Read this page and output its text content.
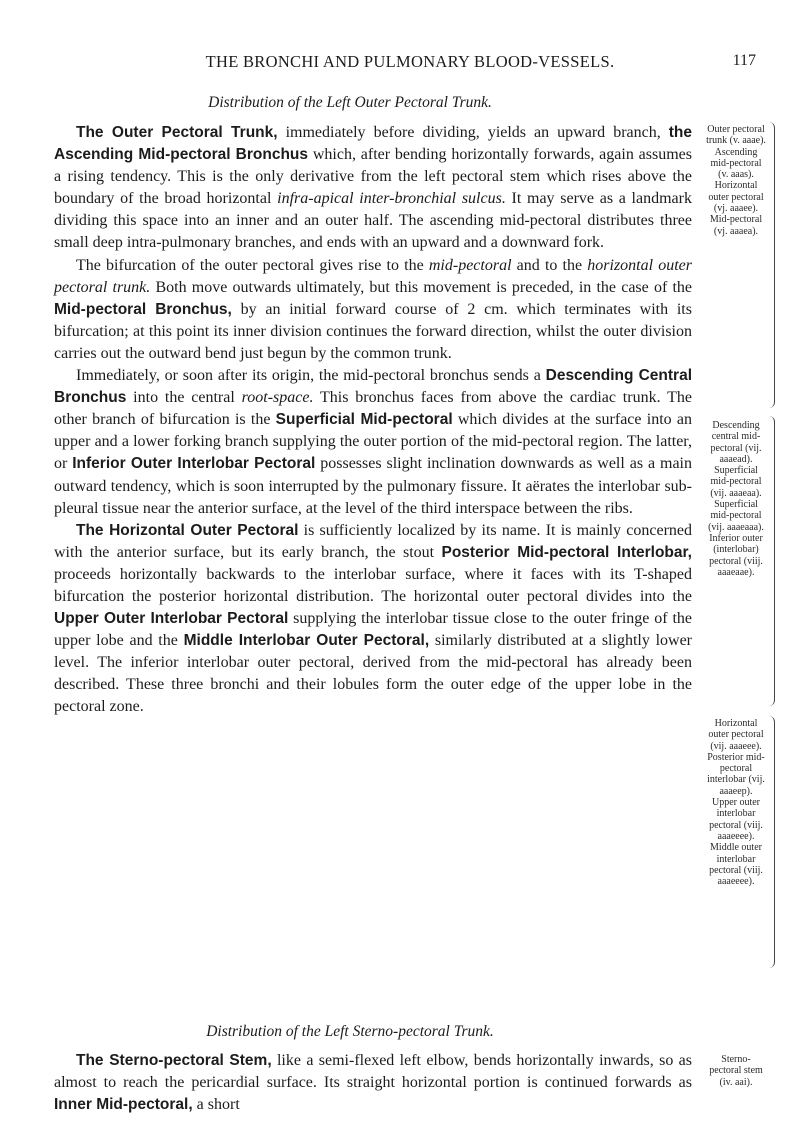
THE BRONCHI AND PULMONARY BLOOD-VESSELS.	117
Distribution of the Left Outer Pectoral Trunk.

The Outer Pectoral Trunk, immediately before dividing, yields an upward branch, the Ascending Mid-pectoral Bronchus which, after bending horizontally forwards, again assumes a rising tendency. This is the only derivative from the left pectoral stem which rises above the boundary of the broad horizontal infra-apical inter-bronchial sulcus. It may serve as a landmark dividing this space into an inner and an outer half. The ascending mid-pectoral distributes three small deep intra-pulmonary branches, and ends with an upward and a downward fork.

The bifurcation of the outer pectoral gives rise to the mid-pectoral and to the horizontal outer pectoral trunk. Both move outwards ultimately, but this movement is preceded, in the case of the Mid-pectoral Bronchus, by an initial forward course of 2 cm. which terminates with its bifurcation; at this point its inner division continues the forward direction, whilst the outer division carries out the outward bend just begun by the common trunk.

Immediately, or soon after its origin, the mid-pectoral bronchus sends a Descending Central Bronchus into the central root-space. This bronchus faces from above the cardiac trunk. The other branch of bifurcation is the Superficial Mid-pectoral which divides at the surface into an upper and a lower forking branch supplying the outer portion of the mid-pectoral region. The latter, or Inferior Outer Interlobar Pectoral possesses slight inclination downwards as well as a main outward tendency, which is soon interrupted by the pulmonary fissure. It aërates the interlobar sub-pleural tissue near the anterior surface, at the level of the third interspace between the ribs.

The Horizontal Outer Pectoral is sufficiently localized by its name. It is mainly concerned with the anterior surface, but its early branch, the stout Posterior Mid-pectoral Interlobar, proceeds horizontally backwards to the interlobar surface, where it faces with its T-shaped bifurcation the posterior horizontal distribution. The horizontal outer pectoral divides into the Upper Outer Interlobar Pectoral supplying the interlobar tissue close to the outer fringe of the upper lobe and the Middle Interlobar Outer Pectoral, similarly distributed at a slightly lower level. The inferior interlobar outer pectoral, derived from the mid-pectoral has already been described. These three bronchi and their lobules form the outer edge of the upper lobe in the pectoral zone.

Outer pectoral trunk (v. aaae).
Ascending mid-pectoral (v. aaas).
Horizontal outer pectoral (vj. aaaee).
Mid-pectoral (vj. aaaea).
Descending central mid-pectoral (vij. aaaead).
Superficial mid-pectoral (vij. aaaeaa).
Superficial mid-pectoral (vij. aaaeaaa).
Inferior outer (interlobar) pectoral (viij. aaaeaae).
Horizontal outer pectoral (vij. aaaeee).
Posterior mid-pectoral interlobar (vij. aaaeep).
Upper outer interlobar pectoral (viij. aaaeeee).
Middle outer interlobar pectoral (viij. aaaeeee).
Distribution of the Left Sterno-pectoral Trunk.

The Sterno-pectoral Stem, like a semi-flexed left elbow, bends horizontally inwards, so as almost to reach the pericardial surface. Its straight horizontal portion is continued forwards as Inner Mid-pectoral, a short

Sterno-pectoral stem (iv. aai).
